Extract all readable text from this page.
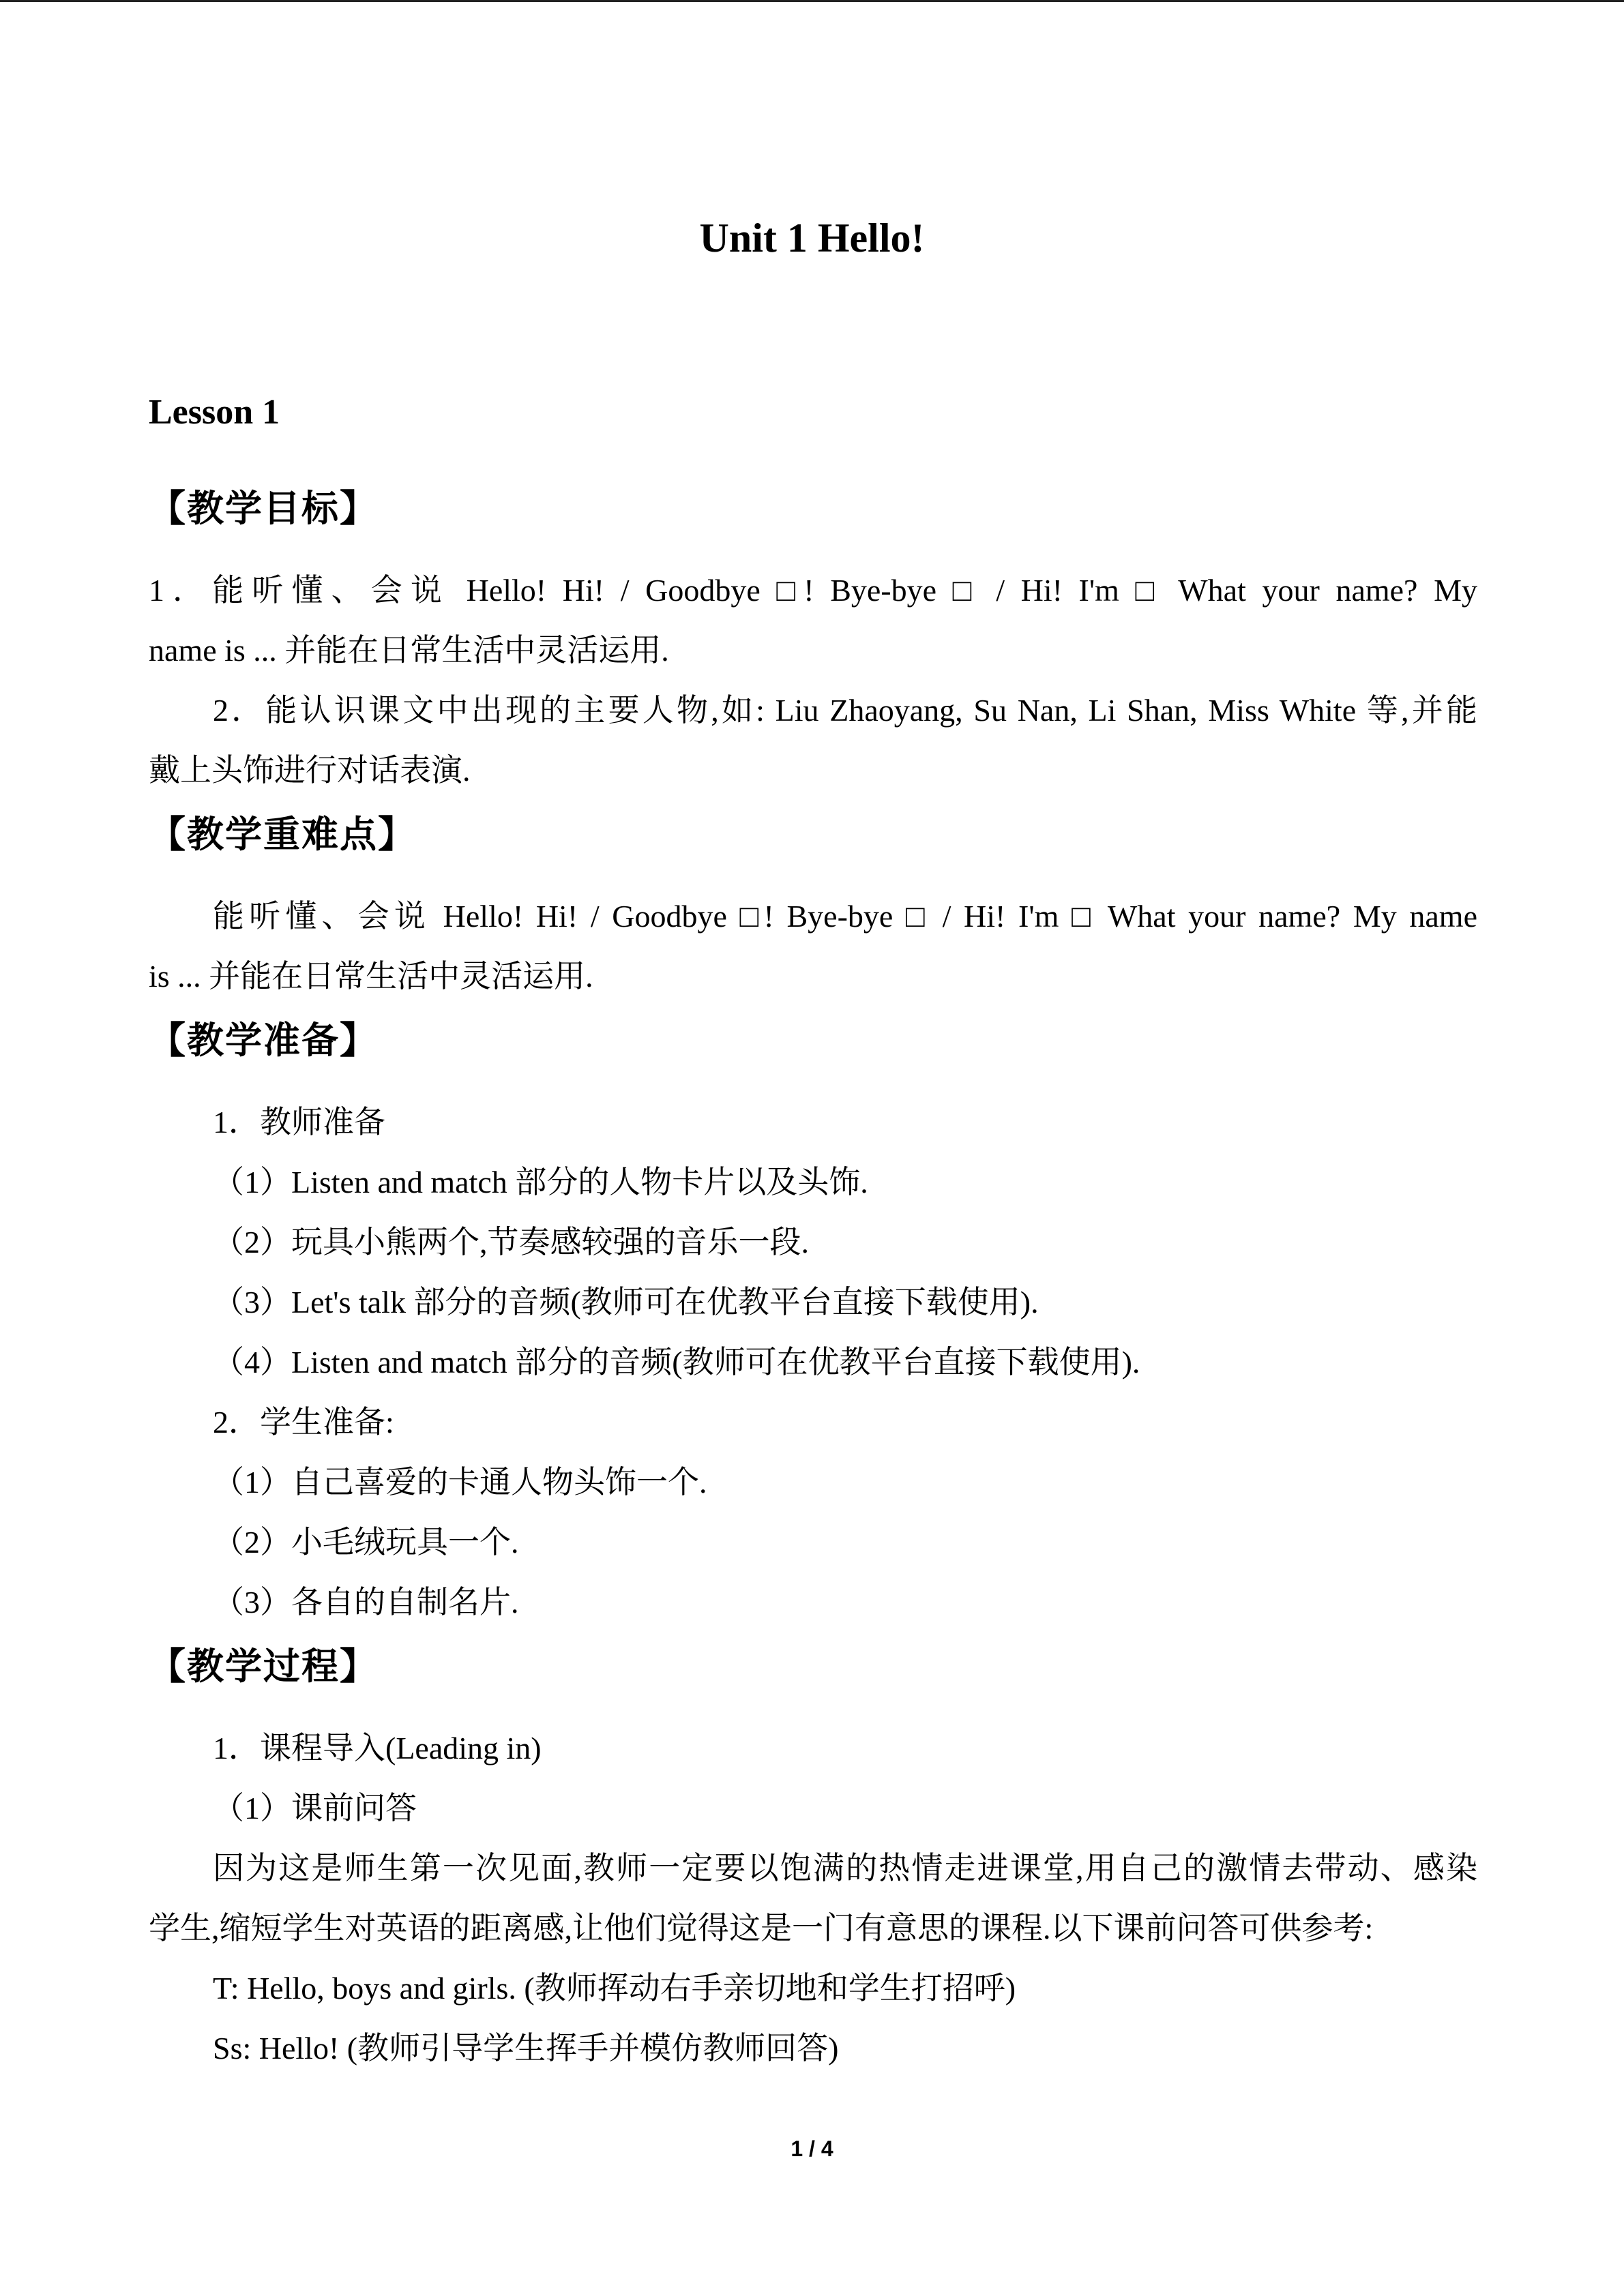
Unit 1 Hello!
Lesson 1
【教学目标】
1．能听懂、会说 Hello! Hi! / Goodbye □! Bye-bye □ / Hi! I'm □ What your name? My
name is ... 并能在日常生活中灵活运用.
2．能认识课文中出现的主要人物,如: Liu Zhaoyang, Su Nan, Li Shan, Miss White 等,并能
戴上头饰进行对话表演.
【教学重难点】
能听懂、会说 Hello! Hi! / Goodbye □! Bye-bye □ / Hi! I'm □ What your name? My name
is ... 并能在日常生活中灵活运用.
【教学准备】
1．教师准备
（1）Listen and match 部分的人物卡片以及头饰.
（2）玩具小熊两个,节奏感较强的音乐一段.
（3）Let's talk 部分的音频(教师可在优教平台直接下载使用).
（4）Listen and match 部分的音频(教师可在优教平台直接下载使用).
2．学生准备:
（1）自己喜爱的卡通人物头饰一个.
（2）小毛绒玩具一个.
（3）各自的自制名片.
【教学过程】
1．课程导入(Leading in)
（1）课前问答
因为这是师生第一次见面,教师一定要以饱满的热情走进课堂,用自己的激情去带动、感染
学生,缩短学生对英语的距离感,让他们觉得这是一门有意思的课程.以下课前问答可供参考:
T: Hello, boys and girls. (教师挥动右手亲切地和学生打招呼)
Ss: Hello! (教师引导学生挥手并模仿教师回答)
1 / 4
